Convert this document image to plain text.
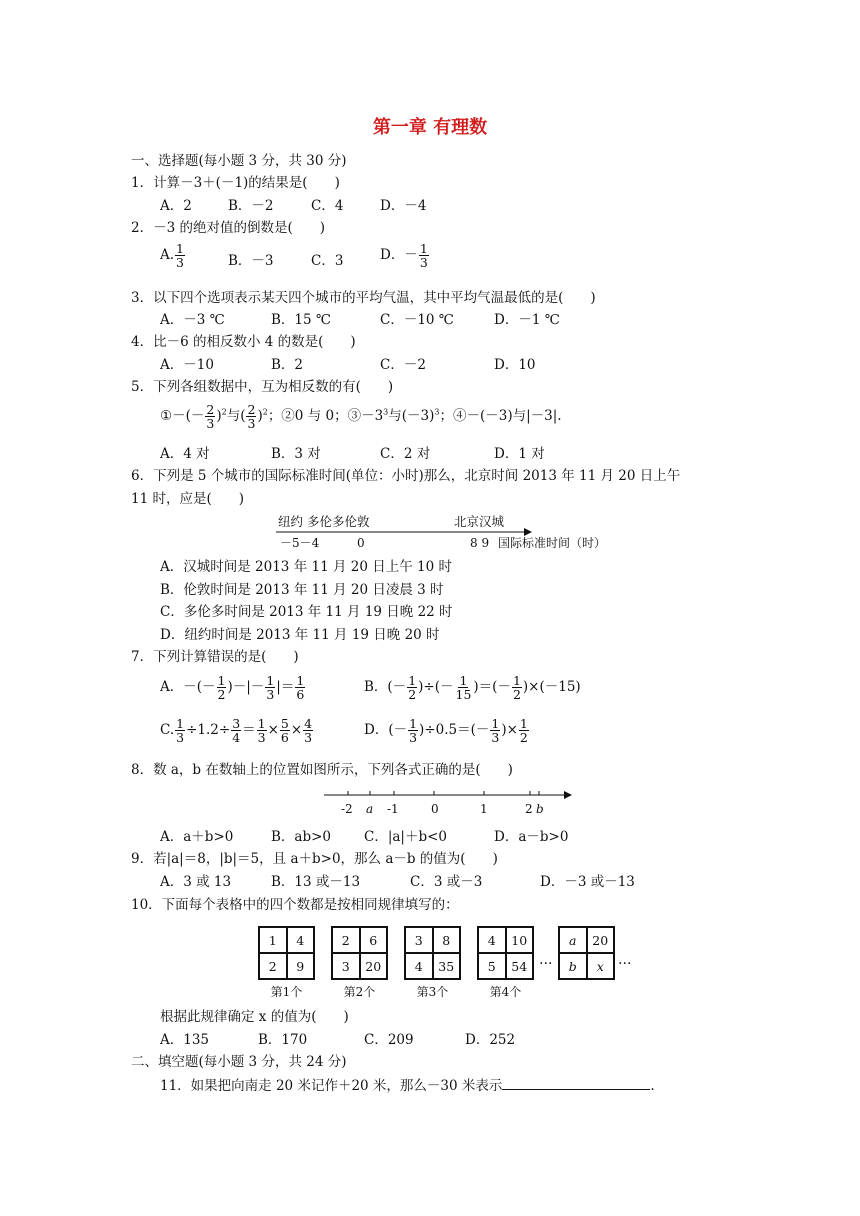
第一章 有理数
一、选择题(每小题 3 分，共 30 分)
1．计算－3＋(－1)的结果是(　　)
A．2	B．－2	C．4	D．－4
2．－3 的绝对值的倒数是(　　)
A. $\frac{1}{3}$	B．－3	C．3	D．－ $\frac{1}{3}$
3．以下四个选项表示某天四个城市的平均气温，其中平均气温最低的是(　　)
A．－3 ℃	B．15 ℃	C．－10 ℃	D．－1 ℃
4．比－6 的相反数小 4 的数是(　　)
A．－10	B．2	C．－2	D．10
5．下列各组数据中，互为相反数的有(　　)
①－(－ $\frac{2}{3} )^2$与( $\frac{2}{3} )^2$；②0 与 0；$③-3^3$与$(-3)^3$；④－(－3)与|－3|.
A．4 对	B．3 对	C．2 对	D．1 对
6．下列是 5 个城市的国际标准时间(单位：小时)那么，北京时间 2013 年 11 月 20 日上午
11 时，应是(　　)
纽约 多伦多伦敦	北京汉城
－5－4	0	8 9 国际标准时间（时）
A．汉城时间是 2013 年 11 月 20 日上午 10 时
B．伦敦时间是 2013 年 11 月 20 日凌晨 3 时
C．多伦多时间是 2013 年 11 月 19 日晚 22 时
D．纽约时间是 2013 年 11 月 19 日晚 20 时
7．下列计算错误的是(　　)
A．－(－ $\frac{1}{2}$ )－|－ $\frac{1}{3}$ |＝ $\frac{1}{6}$	B．(－ $\frac{1}{2}$ )÷(－ $\frac{1}{15}$ )＝(－ $\frac{1}{2} )\times(-15)$
C. $\frac{1}{3} \div 1.2\div \frac{3}{4} = \frac{1}{3} \times \frac{5}{6} \times \frac{4}{3}$	D．(－ $\frac{1}{3} )\div 0.5=(- \frac{1}{3}$ )× $\frac{1}{2}$
8．数 a，b 在数轴上的位置如图所示，下列各式正确的是(　　)
-2 a -1	0	1	2 b
A．a＋b>0	B．ab>0 C．|a|＋b<0	D．a－b>0
9．若|a|＝8，|b|＝5，且 a＋b>0，那么 a－b 的值为(　　)
A．3 或 13	B．13 或－13	C．3 或－3	D．－3 或－13
10．下面每个表格中的四个数都是按相同规律填写的：
1	4
2	9
第1个
2	6
3	20
第2个
3	8
4	35
第3个
4	10
5	54
第4个
…
a	20
b	x	…
根据此规律确定 x 的值为(　　)
A．135	B．170	C．209	D．252
二、填空题(每小题 3 分，共 24 分)
11．如果把向南走 20 米记作＋20 米，那么－30 米表示	.
